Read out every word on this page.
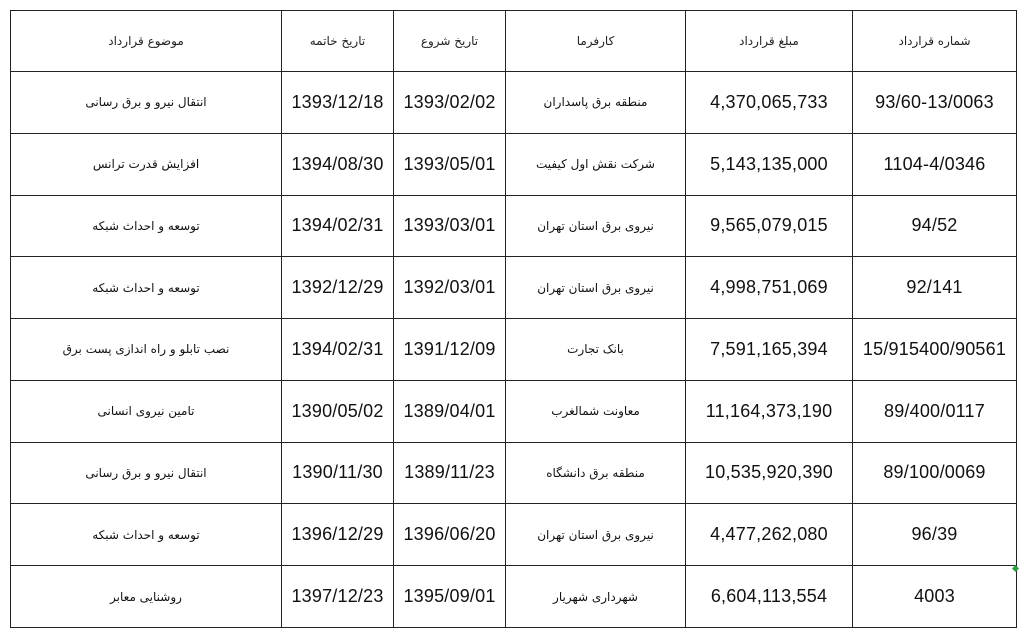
شماره قرارداد	مبلغ قرارداد	کارفرما	تاریخ شروع	تاریخ خاتمه	موضوع قرارداد
93/60-13/0063	4,370,065,733	منطقه برق پاسداران	1393/02/02	1393/12/18	انتقال نیرو و برق رسانی
1104-4/0346	5,143,135,000	شرکت نقش اول کیفیت	1393/05/01	1394/08/30	افزایش قدرت ترانس
94/52	9,565,079,015	نیروی برق استان تهران	1393/03/01	1394/02/31	توسعه و احداث شبکه
92/141	4,998,751,069	نیروی برق استان تهران	1392/03/01	1392/12/29	توسعه و احداث شبکه
15/915400/90561	7,591,165,394	بانک تجارت	1391/12/09	1394/02/31	نصب تابلو و راه اندازی پست برق
89/400/0117	11,164,373,190	معاونت شمالغرب	1389/04/01	1390/05/02	تامین نیروی انسانی
89/100/0069	10,535,920,390	منطقه برق دانشگاه	1389/11/23	1390/11/30	انتقال نیرو و برق رسانی
96/39	4,477,262,080	نیروی برق استان تهران	1396/06/20	1396/12/29	توسعه و احداث شبکه
4003	6,604,113,554	شهرداری شهریار	1395/09/01	1397/12/23	روشنایی معابر
